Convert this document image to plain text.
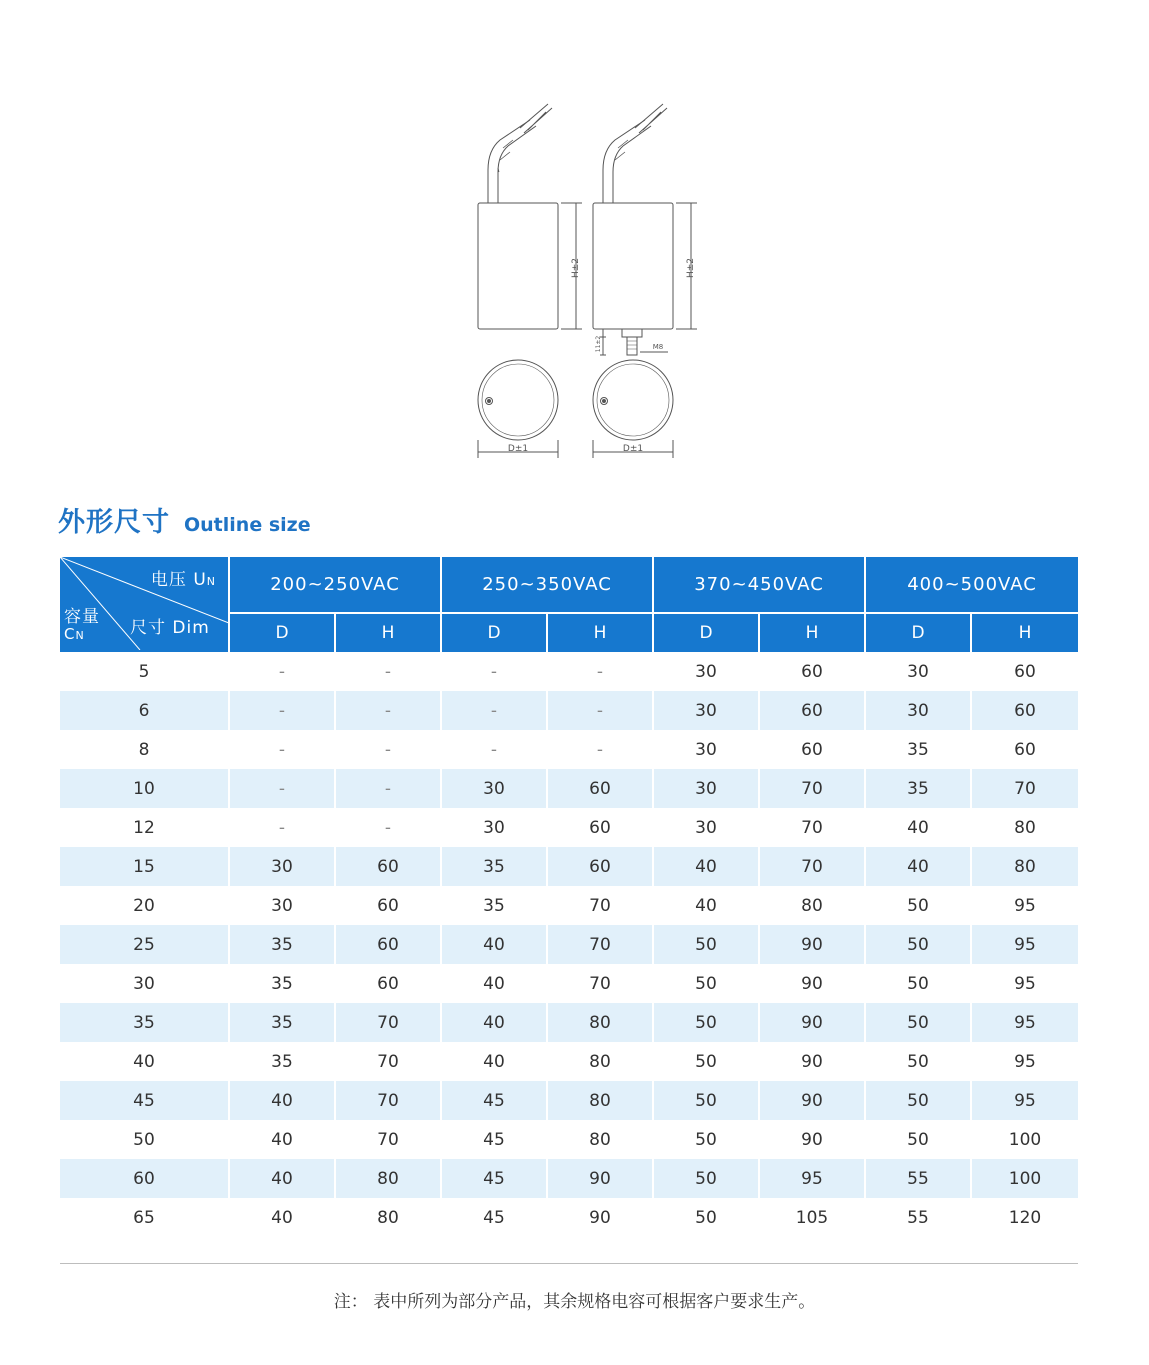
H±2
D±1
H±2
M8
11±2
D±1
外形尺寸 Outline size
电压 UN
尺寸 Dim
容量
CN	200~250VAC		250~350VAC		370~450VAC		400~500VAC	
	D	H	D	H	D	H	D	H
5	-	-	-	-	30	60	30	60
6	-	-	-	-	30	60	30	60
8	-	-	-	-	30	60	35	60
10	-	-	30	60	30	70	35	70
12	-	-	30	60	30	70	40	80
15	30	60	35	60	40	70	40	80
20	30	60	35	70	40	80	50	95
25	35	60	40	70	50	90	50	95
30	35	60	40	70	50	90	50	95
35	35	70	40	80	50	90	50	95
40	35	70	40	80	50	90	50	95
45	40	70	45	80	50	90	50	95
50	40	70	45	80	50	90	50	100
60	40	80	45	90	50	95	55	100
65	40	80	45	90	50	105	55	120
注： 表中所列为部分产品，其余规格电容可根据客户要求生产。
